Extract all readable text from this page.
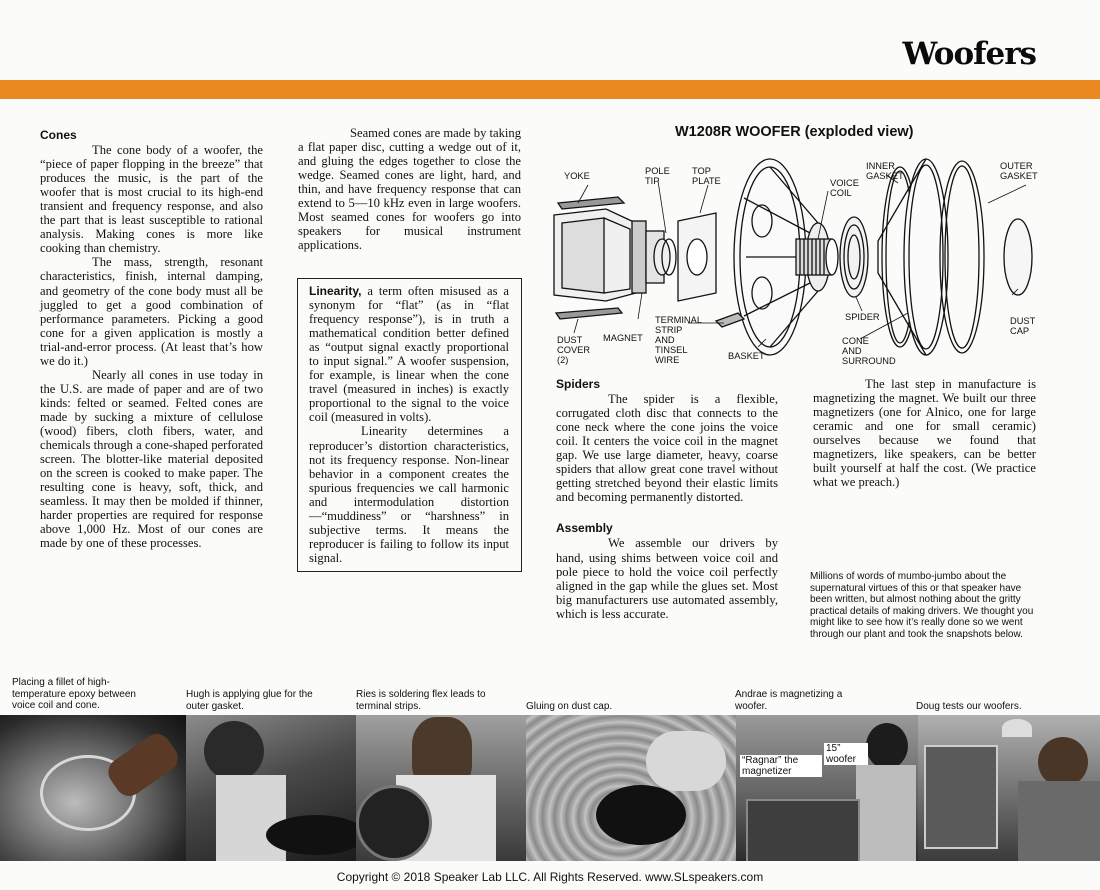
Woofers
Cones

The cone body of a woofer, the “piece of paper flopping in the breeze” that produces the music, is the part of the woofer that is most crucial to its high-end transient and frequency response, and also the part that is least susceptible to rational analysis. Making cones is more like cooking than chemistry.

The mass, strength, resonant characteristics, finish, internal damping, and geometry of the cone body must all be juggled to get a good combination of performance parameters. Picking a good cone for a given application is mostly a trial-and-error process. (At least that’s how we do it.)

Nearly all cones in use today in the U.S. are made of paper and are of two kinds: felted or seamed. Felted cones are made by sucking a mixture of cellulose (wood) fibers, cloth fibers, water, and chemicals through a cone-shaped perforated screen. The blotter-like material deposited on the screen is cooked to make paper. The resulting cone is heavy, soft, thick, and seamless. It may then be molded if thinner, harder properties are required for response above 1,000 Hz. Most of our cones are made by one of these processes.

Seamed cones are made by taking a flat paper disc, cutting a wedge out of it, and gluing the edges together to close the wedge. Seamed cones are light, hard, and thin, and have frequency response that can extend to 5—10 kHz even in large woofers. Most seamed cones for woofers go into speakers for musical instrument applications.

Linearity, a term often misused as a synonym for “flat” (as in “flat frequency response”), is in truth a mathematical condition better defined as “output signal exactly proportional to input signal.” A woofer suspension, for example, is linear when the cone travel (measured in inches) is exactly proportional to the signal to the voice coil (measured in volts).

Linearity determines a reproducer’s distortion characteristics, not its frequency response. Non-linear behavior in a component creates the spurious frequencies we call harmonic and intermodulation distortion—“muddiness” or “harshness” in subjective terms. It means the reproducer is failing to follow its input signal.

W1208R WOOFER (exploded view)
YOKE	POLE
TIP
TOP
PLATE	VOICE
COIL
INNER
GASKET
OUTER
GASKET
DUST
COVER
(2)
MAGNET
TERMINAL
STRIP
AND
TINSEL
WIRE	BASKET
SPIDER
CONE
AND
SURROUND
DUST
CAP
Spiders

The spider is a flexible, corrugated cloth disc that connects to the cone neck where the cone joins the voice coil. It centers the voice coil in the magnet gap. We use large diameter, heavy, coarse spiders that allow great cone travel without getting stretched beyond their elastic limits and becoming permanently distorted.

Assembly

We assemble our drivers by hand, using shims between voice coil and pole piece to hold the voice coil perfectly aligned in the gap while the glues set. Most big manufacturers use automated assembly, which is less accurate.

The last step in manufacture is magnetizing the magnet. We built our three magnetizers (one for Alnico, one for large ceramic and one for small ceramic) ourselves because we found that magnetizers, like speakers, can be better built yourself at half the cost. (We practice what we preach.)

Millions of words of mumbo-jumbo about the supernatural virtues of this or that speaker have been written, but almost nothing about the gritty practical details of making drivers. We thought you might like to see how it’s really done so we went through our plant and took the snapshots below.
Placing a fillet of high-temperature epoxy between voice coil and cone.
Hugh is applying glue for the outer gasket.
Ries is soldering flex leads to terminal strips.	Gluing on dust cap.
Andrae is magnetizing a woofer.	Doug tests our woofers.
“Ragnar” the magnetizer
15” woofer
Copyright © 2018 Speaker Lab LLC. All Rights Reserved. www.SLspeakers.com
